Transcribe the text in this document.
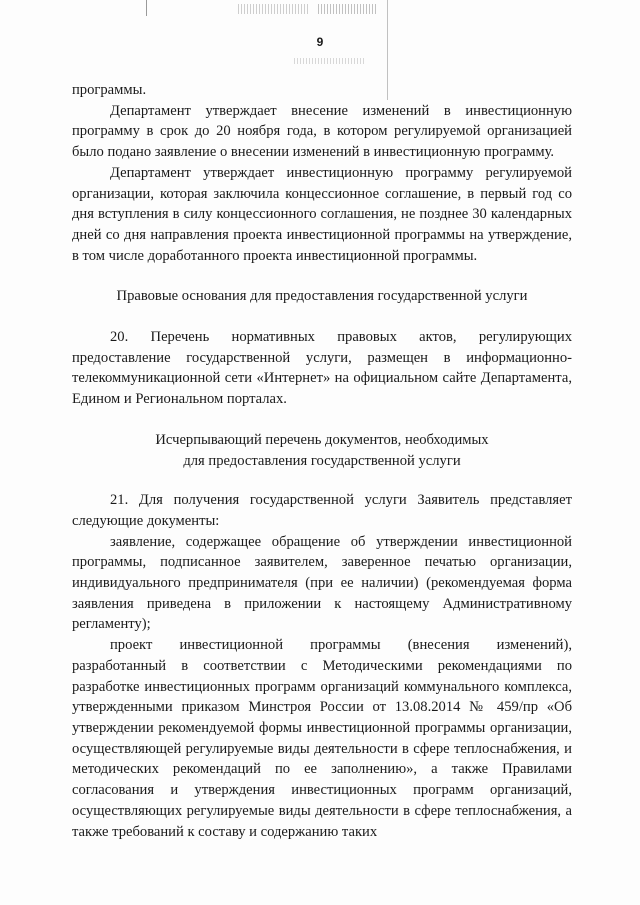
9

программы.

Департамент утверждает внесение изменений в инвестиционную программу в срок до 20 ноября года, в котором регулируемой организацией было подано заявление о внесении изменений в инвестиционную программу.

Департамент утверждает инвестиционную программу регулируемой организации, которая заключила концессионное соглашение, в первый год со дня вступления в силу концессионного соглашения, не позднее 30 календарных дней со дня направления проекта инвестиционной программы на утверждение, в том числе доработанного проекта инвестиционной программы.

Правовые основания для предоставления государственной услуги

20. Перечень нормативных правовых актов, регулирующих предоставление государственной услуги, размещен в информационно-телекоммуникационной сети «Интернет» на официальном сайте Департамента, Едином и Региональном порталах.

Исчерпывающий перечень документов, необходимых

для предоставления государственной услуги

21. Для получения государственной услуги Заявитель представляет следующие документы:

заявление, содержащее обращение об утверждении инвестиционной программы, подписанное заявителем, заверенное печатью организации, индивидуального предпринимателя (при ее наличии) (рекомендуемая форма заявления приведена в приложении к настоящему Административному регламенту);

проект инвестиционной программы (внесения изменений), разработанный в соответствии с Методическими рекомендациями по разработке инвестиционных программ организаций коммунального комплекса, утвержденными приказом Минстроя России от 13.08.2014 № 459/пр «Об утверждении рекомендуемой формы инвестиционной программы организации, осуществляющей регулируемые виды деятельности в сфере теплоснабжения, и методических рекомендаций по ее заполнению», а также Правилами согласования и утверждения инвестиционных программ организаций, осуществляющих регулируемые виды деятельности в сфере теплоснабжения, а также требований к составу и содержанию таких
